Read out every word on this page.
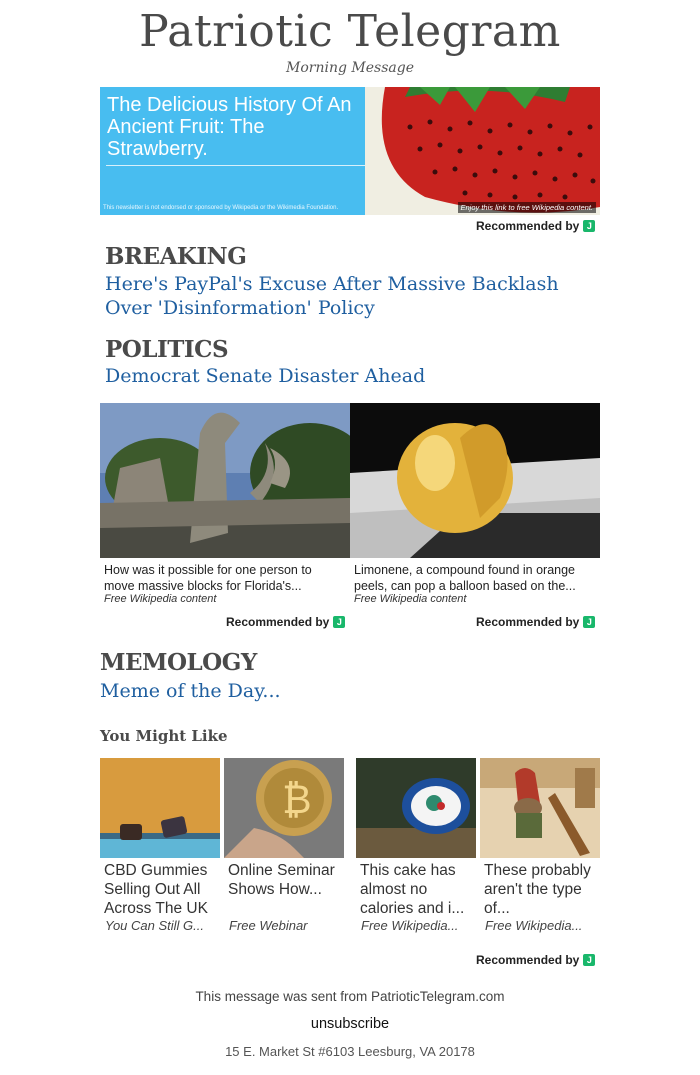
Patriotic Telegram
Morning Message
The Delicious History Of An Ancient Fruit: The Strawberry.
This newsletter is not endorsed or sponsored by Wikipedia or the Wikimedia Foundation.	Enjoy this link to free Wikipedia content.
Recommended by J
BREAKING
Here's PayPal's Excuse After Massive Backlash Over 'Disinformation' Policy
POLITICS
Democrat Senate Disaster Ahead
How was it possible for one person to move massive blocks for Florida's...
Limonene, a compound found in orange peels, can pop a balloon based on the...
Free Wikipedia content	Free Wikipedia content
Recommended by J	Recommended by J
MEMOLOGY
Meme of the Day...
You Might Like
₿
CBD Gummies Selling Out All Across The UK
Online Seminar Shows How...
This cake has almost no calories and i...
These probably aren't the type of...
You Can Still G...	Free Webinar	Free Wikipedia...	Free Wikipedia...
Recommended by J
This message was sent from PatrioticTelegram.com
unsubscribe
15 E. Market St #6103 Leesburg, VA 20178
